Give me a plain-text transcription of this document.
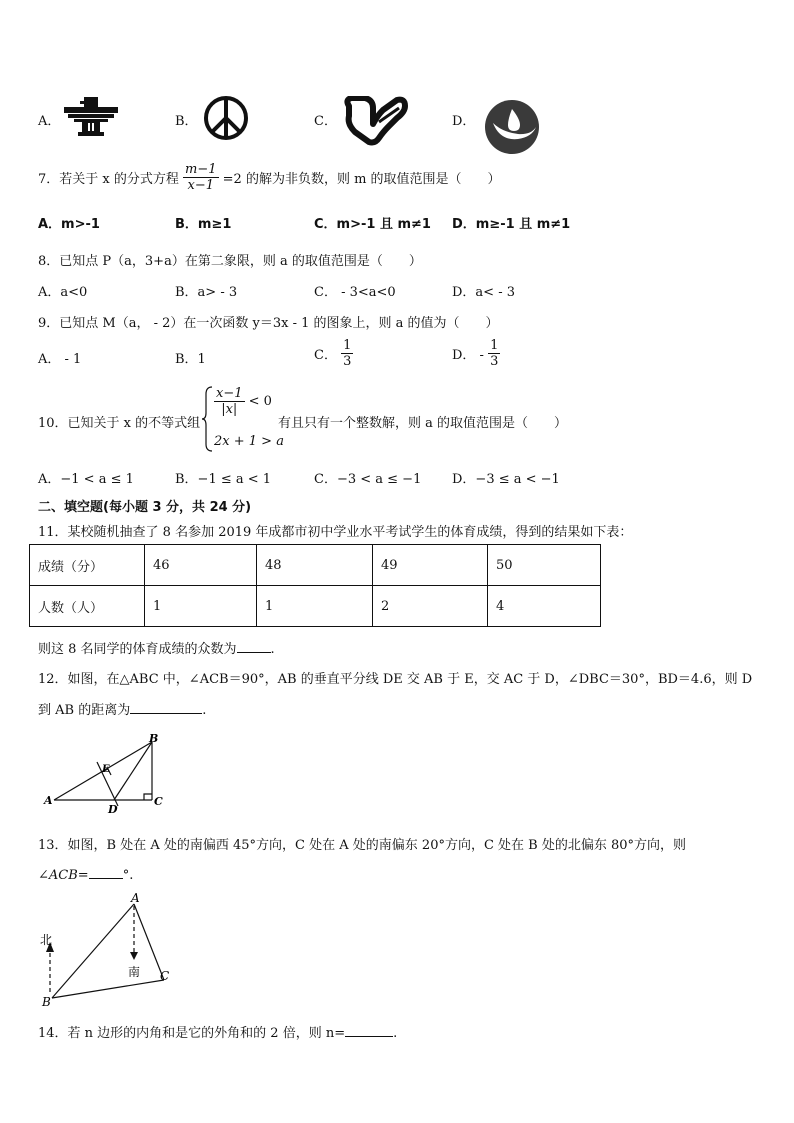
A．	B．	C．	D．
7．若关于 x 的分式方程 $\frac{m-1}{x-1} =2$ 的解为非负数，则 m 的取值范围是（　　）
A．m>-1	B．m≥1	C．m>-1 且 m≠1 D．m≥-1 且 m≠1
8．已知点 P（a，3+a）在第二象限，则 a 的取值范围是（　　）
A．a<0	B．a> - 3	C． - 3<a<0	D．a< - 3
9．已知点 M（a， - 2）在一次函数 y＝3x - 1 的图象上，则 a 的值为（　　）
A． - 1	B．1	C． $\frac{1}{3}$	D． - $\frac{1}{3}$
10．已知关于 x 的不等式组
$\frac{x-1}{|x|} < 0$
2x + 1 > a
有且只有一个整数解，则 a 的取值范围是（　　）
A．−1 < a ≤ 1	B．−1 ≤ a < 1	C．−3 < a ≤ −1 D．−3 ≤ a < −1
二、填空题(每小题 3 分，共 24 分)
11．某校随机抽查了 8 名参加 2019 年成都市初中学业水平考试学生的体育成绩，得到的结果如下表：
成绩（分）	46	48	49	50
人数（人）	1	1	2	4
则这 8 名同学的体育成绩的众数为	.
12．如图，在△ABC 中，∠ACB＝90°，AB 的垂直平分线 DE 交 AB 于 E，交 AC 于 D，∠DBC＝30°，BD＝4.6，则 D
到 AB 的距离为	.
A
B
C
D
E
13．如图，B 处在 A 处的南偏西 45°方向，C 处在 A 处的南偏东 20°方向，C 处在 B 处的北偏东 80°方向，则
∠ACB=	°.
A
B
C
北
南
14．若 n 边形的内角和是它的外角和的 2 倍，则 n=	.
